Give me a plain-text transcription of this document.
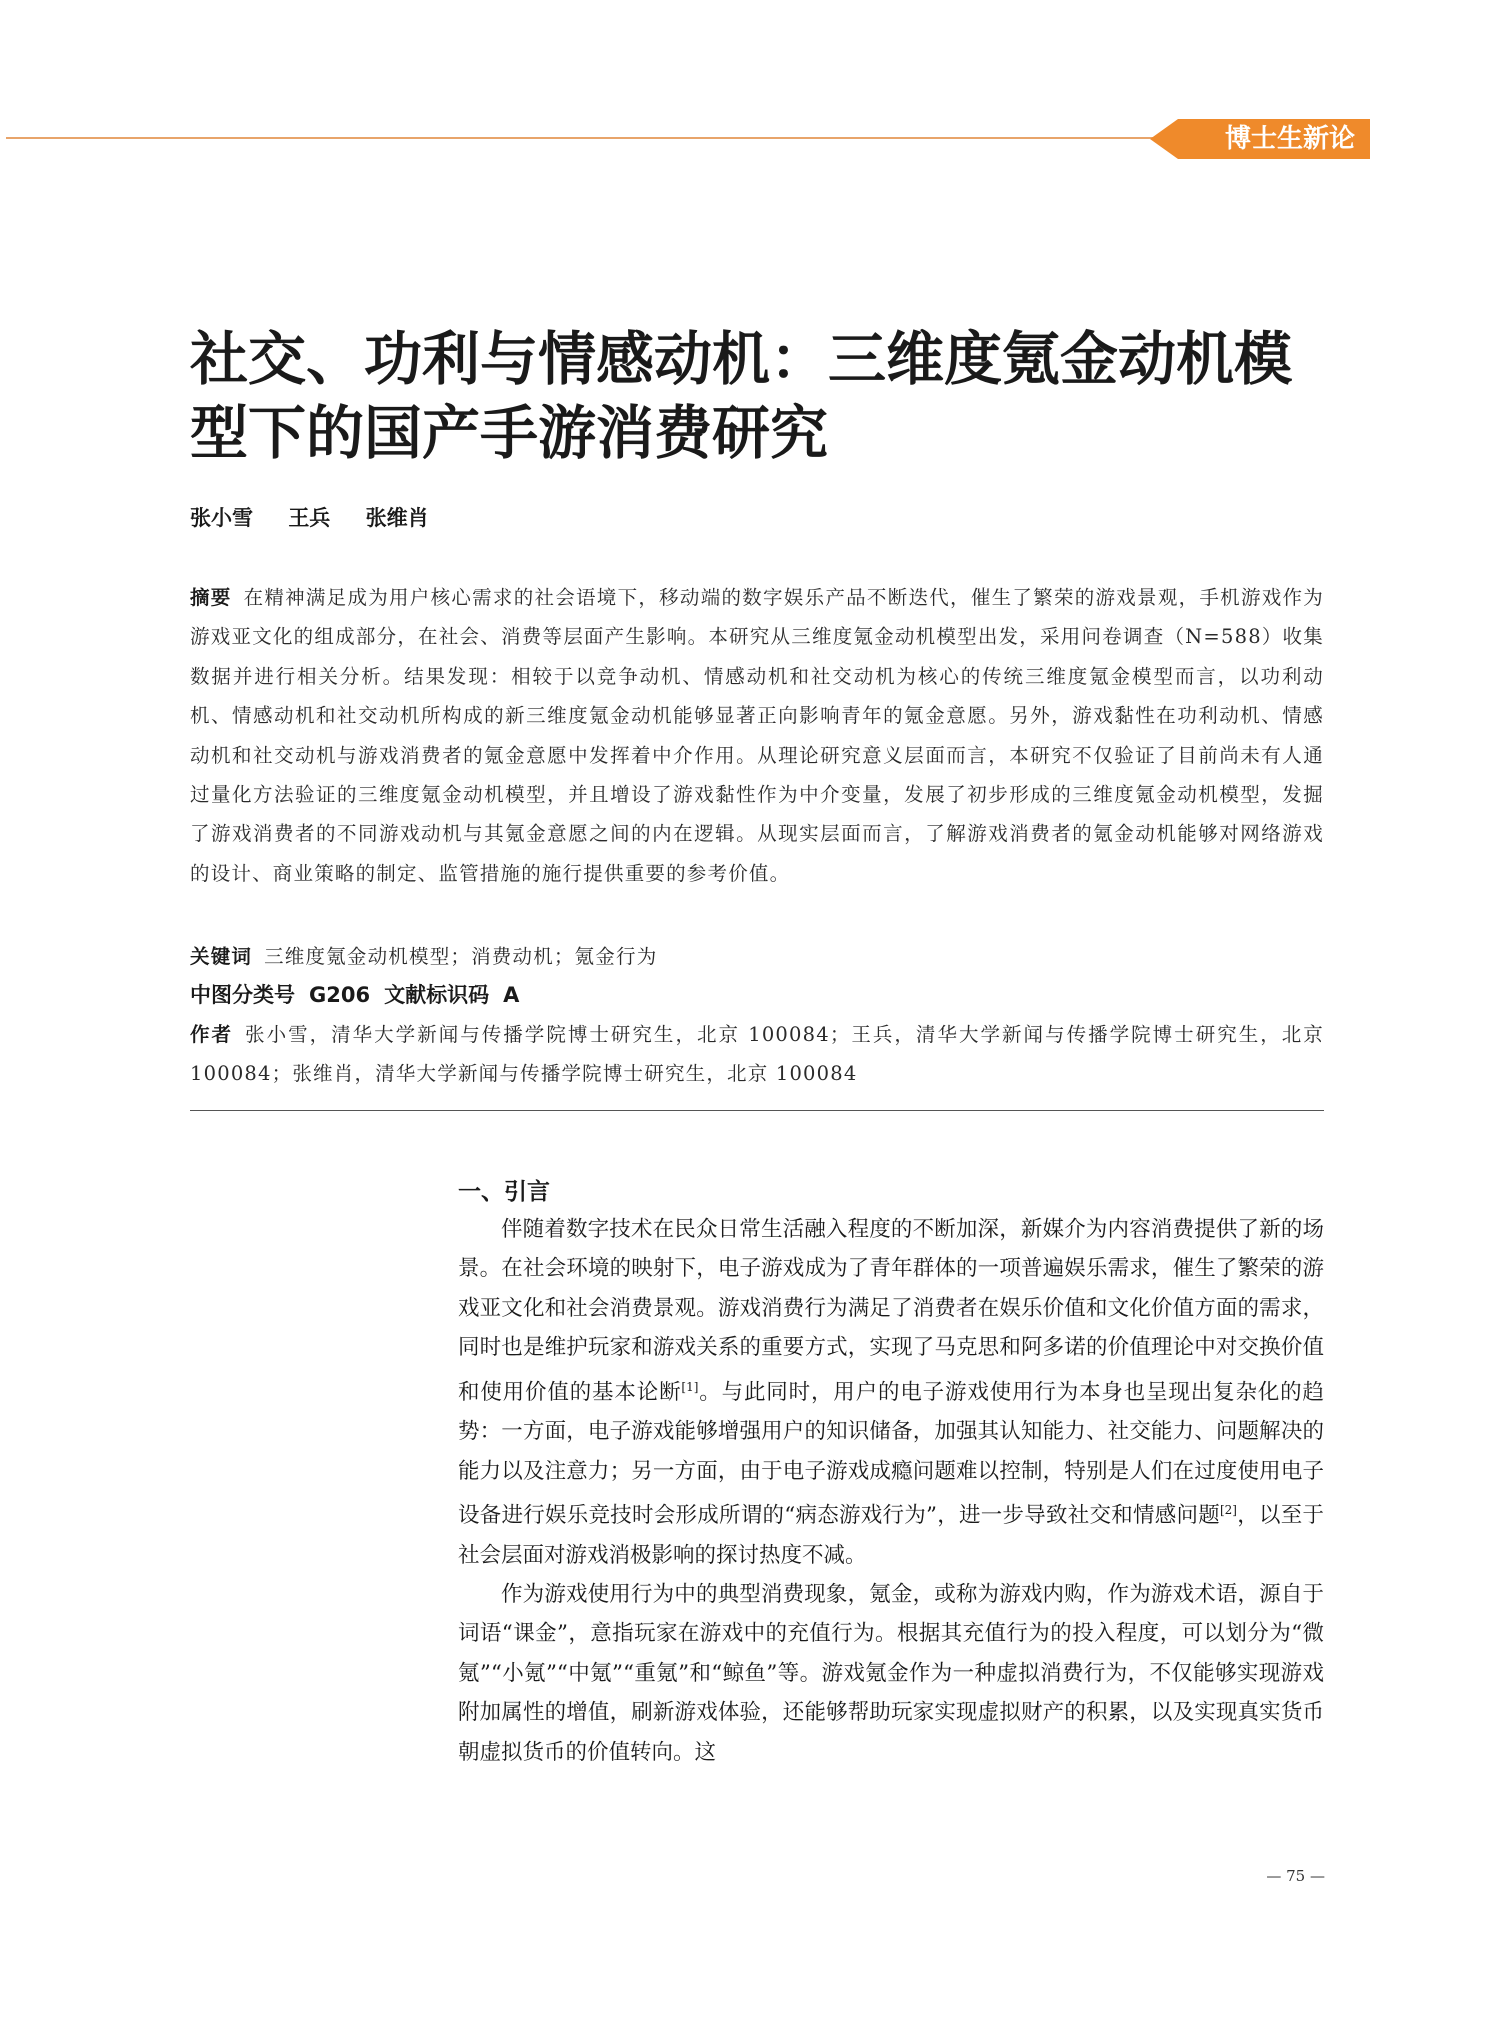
博士生新论
社交、功利与情感动机：三维度氪金动机模型下的国产手游消费研究
张小雪 王兵 张维肖
摘要 在精神满足成为用户核心需求的社会语境下，移动端的数字娱乐产品不断迭代，催生了繁荣的游戏景观，手机游戏作为游戏亚文化的组成部分，在社会、消费等层面产生影响。本研究从三维度氪金动机模型出发，采用问卷调查（N=588）收集数据并进行相关分析。结果发现：相较于以竞争动机、情感动机和社交动机为核心的传统三维度氪金模型而言，以功利动机、情感动机和社交动机所构成的新三维度氪金动机能够显著正向影响青年的氪金意愿。另外，游戏黏性在功利动机、情感动机和社交动机与游戏消费者的氪金意愿中发挥着中介作用。从理论研究意义层面而言，本研究不仅验证了目前尚未有人通过量化方法验证的三维度氪金动机模型，并且增设了游戏黏性作为中介变量，发展了初步形成的三维度氪金动机模型，发掘了游戏消费者的不同游戏动机与其氪金意愿之间的内在逻辑。从现实层面而言，了解游戏消费者的氪金动机能够对网络游戏的设计、商业策略的制定、监管措施的施行提供重要的参考价值。
关键词 三维度氪金动机模型；消费动机；氪金行为
中图分类号 G206 文献标识码 A
作者 张小雪，清华大学新闻与传播学院博士研究生，北京 100084；王兵，清华大学新闻与传播学院博士研究生，北京 100084；张维肖，清华大学新闻与传播学院博士研究生，北京 100084
一、引言

伴随着数字技术在民众日常生活融入程度的不断加深，新媒介为内容消费提供了新的场景。在社会环境的映射下，电子游戏成为了青年群体的一项普遍娱乐需求，催生了繁荣的游戏亚文化和社会消费景观。游戏消费行为满足了消费者在娱乐价值和文化价值方面的需求，同时也是维护玩家和游戏关系的重要方式，实现了马克思和阿多诺的价值理论中对交换价值和使用价值的基本论断[1]。与此同时，用户的电子游戏使用行为本身也呈现出复杂化的趋势：一方面，电子游戏能够增强用户的知识储备，加强其认知能力、社交能力、问题解决的能力以及注意力；另一方面，由于电子游戏成瘾问题难以控制，特别是人们在过度使用电子设备进行娱乐竞技时会形成所谓的“病态游戏行为”，进一步导致社交和情感问题[2]，以至于社会层面对游戏消极影响的探讨热度不减。

作为游戏使用行为中的典型消费现象，氪金，或称为游戏内购，作为游戏术语，源自于词语“课金”，意指玩家在游戏中的充值行为。根据其充值行为的投入程度，可以划分为“微氪”“小氪”“中氪”“重氪”和“鲸鱼”等。游戏氪金作为一种虚拟消费行为，不仅能够实现游戏附加属性的增值，刷新游戏体验，还能够帮助玩家实现虚拟财产的积累，以及实现真实货币朝虚拟货币的价值转向。这

— 75 —
